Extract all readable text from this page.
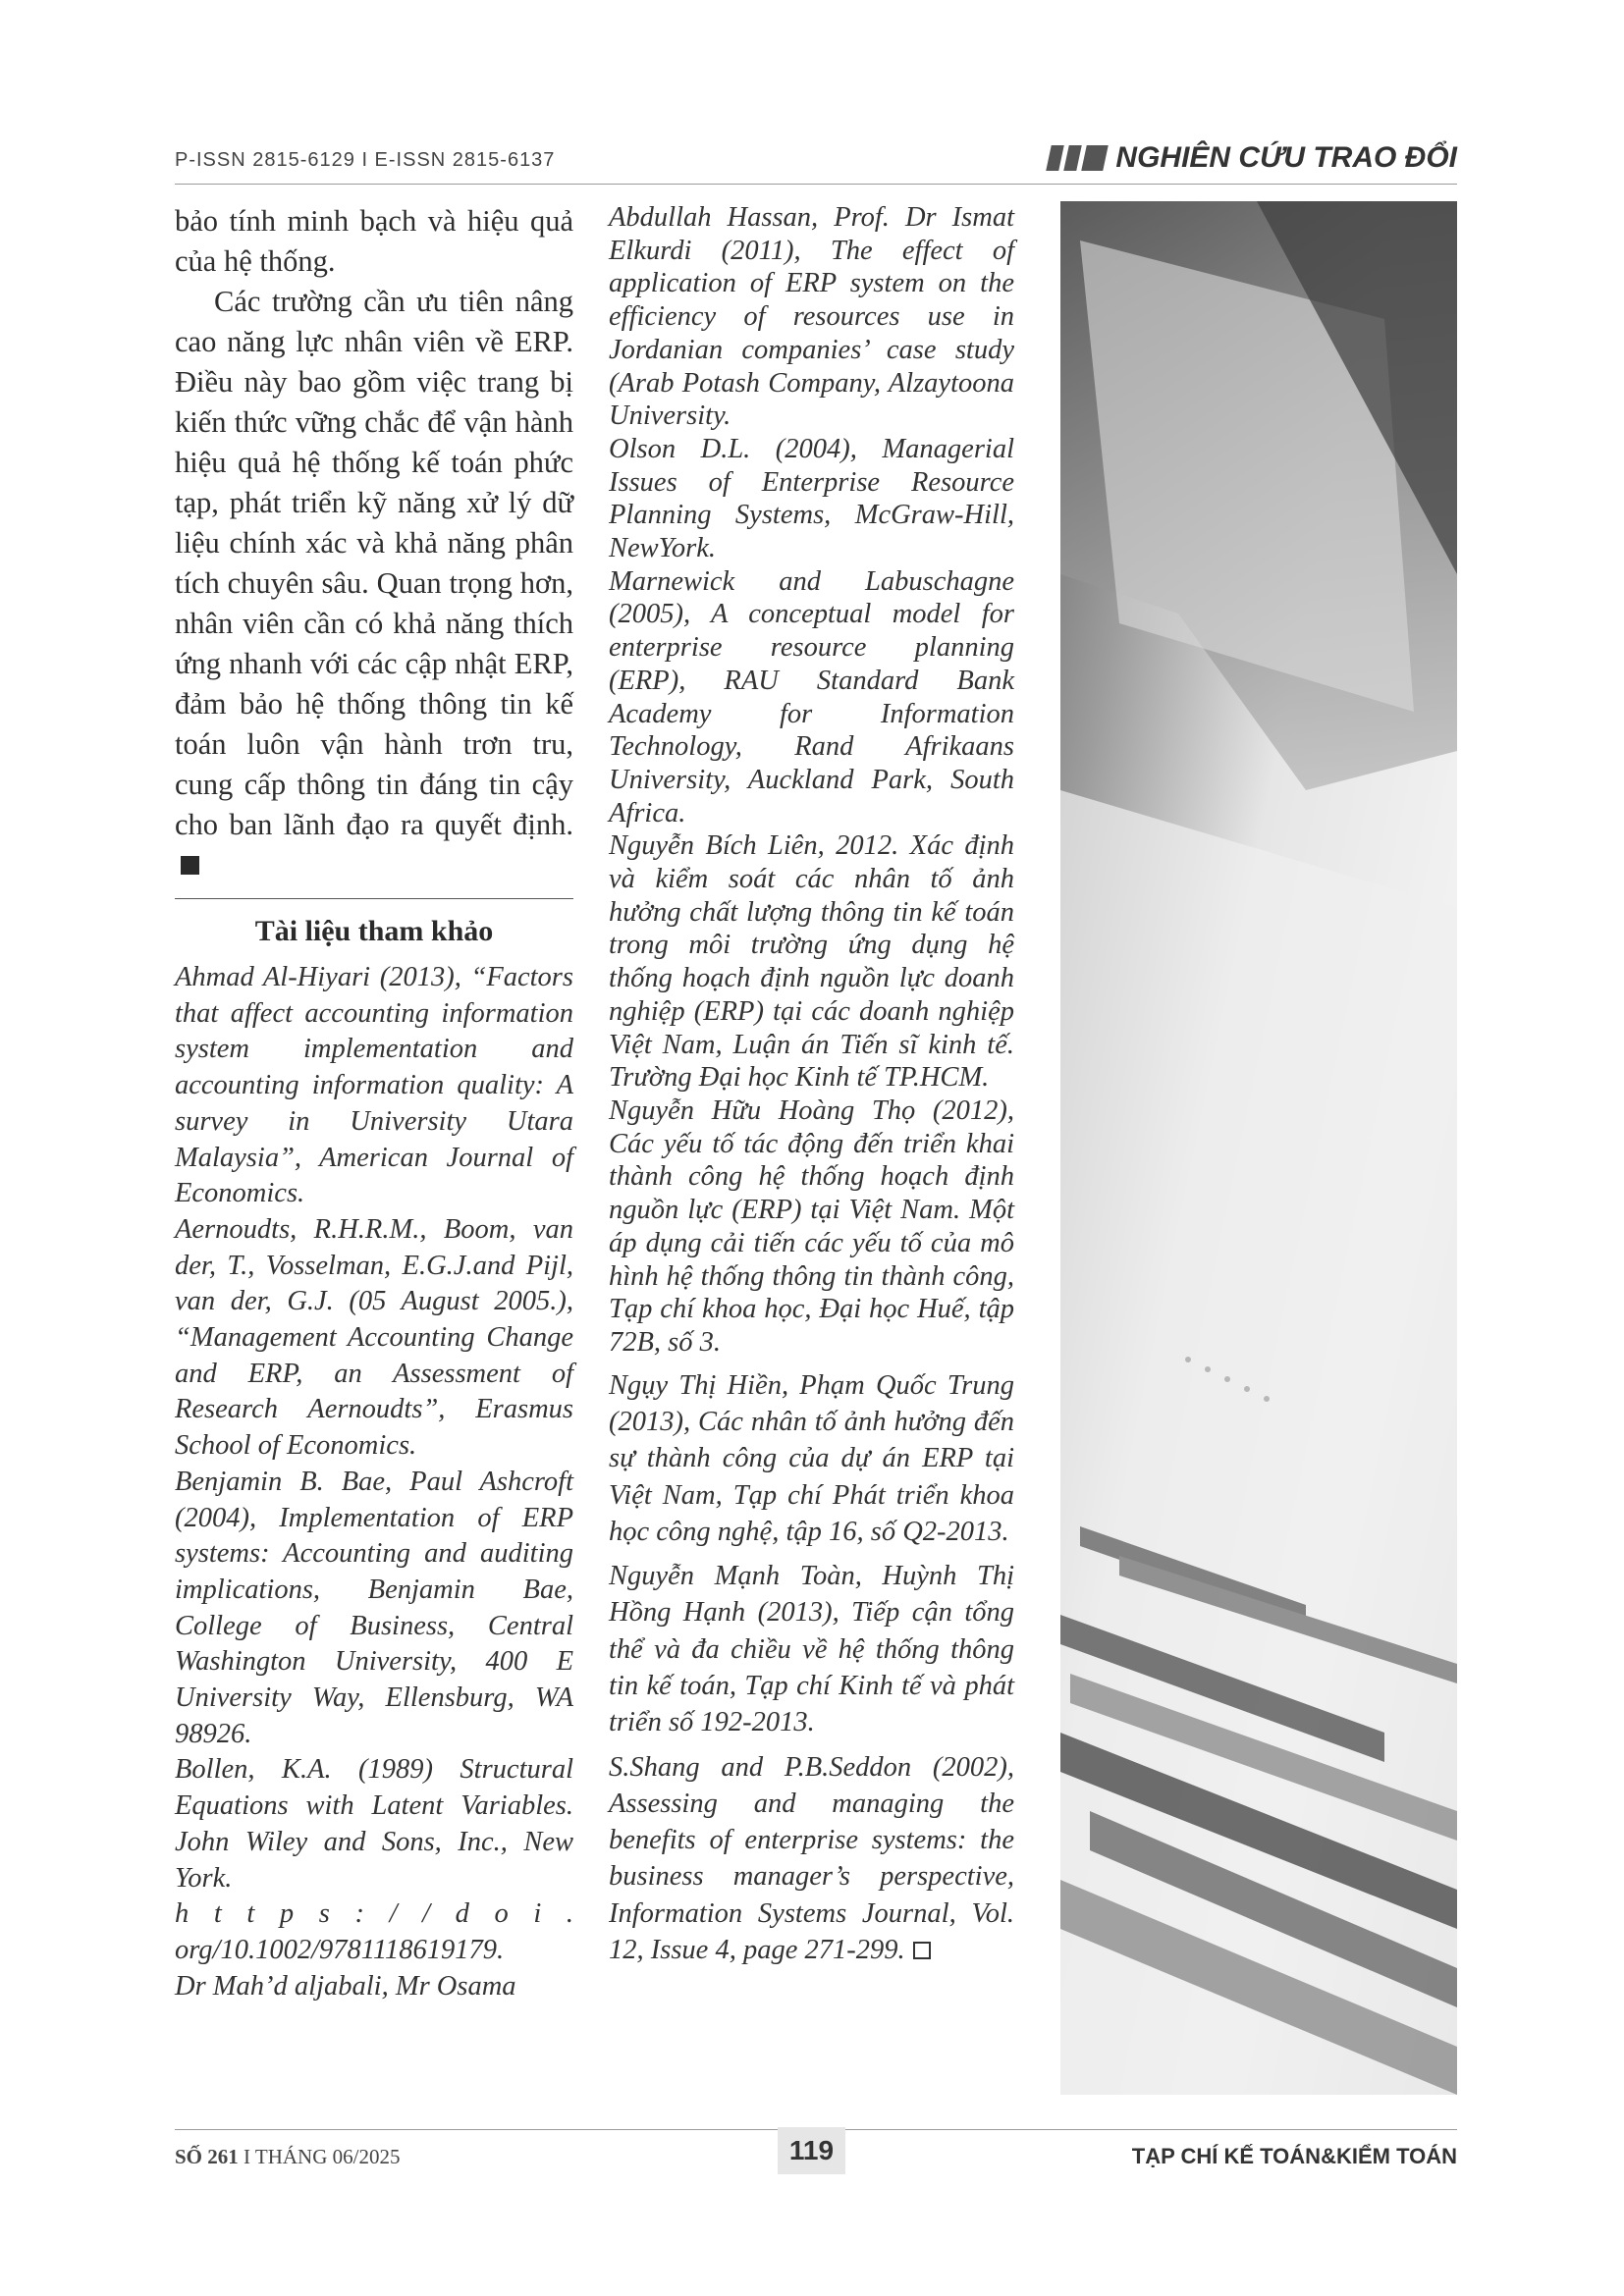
P-ISSN 2815-6129 I E-ISSN 2815-6137	NGHIÊN CỨU TRAO ĐỔI

bảo tính minh bạch và hiệu quả của hệ thống.

Các trường cần ưu tiên nâng cao năng lực nhân viên về ERP. Điều này bao gồm việc trang bị kiến thức vững chắc để vận hành hiệu quả hệ thống kế toán phức tạp, phát triển kỹ năng xử lý dữ liệu chính xác và khả năng phân tích chuyên sâu. Quan trọng hơn, nhân viên cần có khả năng thích ứng nhanh với các cập nhật ERP, đảm bảo hệ thống thông tin kế toán luôn vận hành trơn tru, cung cấp thông tin đáng tin cậy cho ban lãnh đạo ra quyết định.

Tài liệu tham khảo

Ahmad Al-Hiyari (2013), “Factors that affect accounting information system implementation and accounting information quality: A survey in University Utara Malaysia”, American Journal of Economics.

Aernoudts, R.H.R.M., Boom, van der, T., Vosselman, E.G.J.and Pijl, van der, G.J. (05 August 2005.), “Management Accounting Change and ERP, an Assessment of Research Aernoudts”, Erasmus School of Economics.

Benjamin B. Bae, Paul Ashcroft (2004), Implementation of ERP systems: Accounting and auditing implications, Benjamin Bae, College of Business, Central Washington University, 400 E University Way, Ellensburg, WA 98926.

Bollen, K.A. (1989) Structural Equations with Latent Variables. John Wiley and Sons, Inc., New York.

h t t p s : / / d o i . org/10.1002/9781118619179.

Dr Mah’d aljabali, Mr Osama

Abdullah Hassan, Prof. Dr Ismat Elkurdi (2011), The effect of application of ERP system on the efficiency of resources use in Jordanian companies’ case study (Arab Potash Company, Alzaytoona University.

Olson D.L. (2004), Managerial Issues of Enterprise Resource Planning Systems, McGraw-Hill, NewYork.

Marnewick and Labuschagne (2005), A conceptual model for enterprise resource planning (ERP), RAU Standard Bank Academy for Information Technology, Rand Afrikaans University, Auckland Park, South Africa.

Nguyễn Bích Liên, 2012. Xác định và kiểm soát các nhân tố ảnh hưởng chất lượng thông tin kế toán trong môi trường ứng dụng hệ thống hoạch định nguồn lực doanh nghiệp (ERP) tại các doanh nghiệp Việt Nam, Luận án Tiến sĩ kinh tế. Trường Đại học Kinh tế TP.HCM.

Nguyễn Hữu Hoàng Thọ (2012), Các yếu tố tác động đến triển khai thành công hệ thống hoạch định nguồn lực (ERP) tại Việt Nam. Một áp dụng cải tiến các yếu tố của mô hình hệ thống thông tin thành công, Tạp chí khoa học, Đại học Huế, tập 72B, số 3.

Ngụy Thị Hiền, Phạm Quốc Trung (2013), Các nhân tố ảnh hưởng đến sự thành công của dự án ERP tại Việt Nam, Tạp chí Phát triển khoa học công nghệ, tập 16, số Q2-2013.

Nguyễn Mạnh Toàn, Huỳnh Thị Hồng Hạnh (2013), Tiếp cận tổng thể và đa chiều về hệ thống thông tin kế toán, Tạp chí Kinh tế và phát triển số 192-2013.

S.Shang and P.B.Seddon (2002), Assessing and managing the benefits of enterprise systems: the business manager’s perspective, Information Systems Journal, Vol. 12, Issue 4, page 271-299.

SỐ 261 I THÁNG 06/2025	119	TẠP CHÍ KẾ TOÁN&KIỂM TOÁN
